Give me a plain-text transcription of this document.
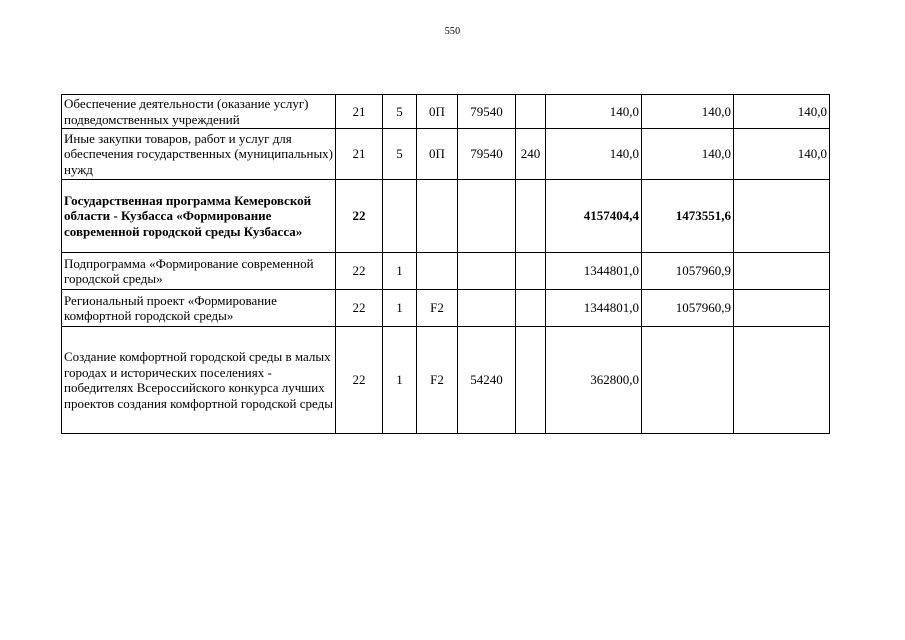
550
Обеспечение деятельности (оказание услуг) подведомственных учреждений	21	5	0П	79540		140,0	140,0	140,0
Иные закупки товаров, работ и услуг для обеспечения государственных (муниципальных) нужд	21	5	0П	79540	240	140,0	140,0	140,0
Государственная программа Кемеровской области - Кузбасса «Формирование современной городской среды Кузбасса»	22					4157404,4	1473551,6	
Подпрограмма «Формирование современной городской среды»	22	1				1344801,0	1057960,9	
Региональный проект «Формирование комфортной городской среды»	22	1	F2			1344801,0	1057960,9	
Создание комфортной городской среды в малых городах и исторических поселениях - победителях Всероссийского конкурса лучших проектов создания комфортной городской среды	22	1	F2	54240		362800,0		
